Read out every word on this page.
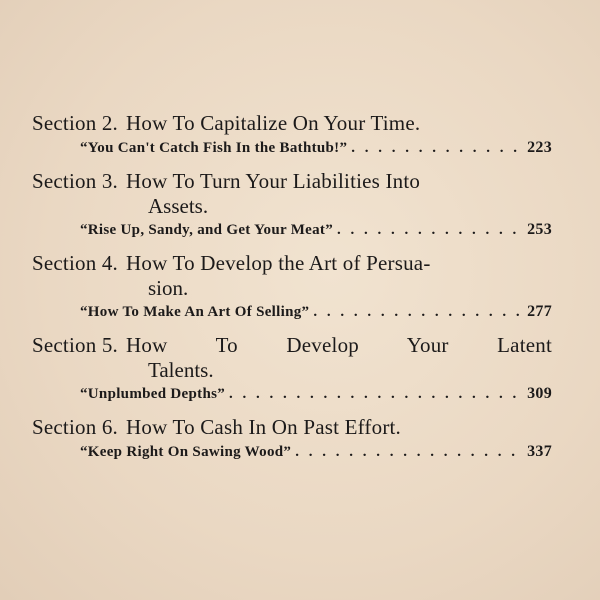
Section 2. How To Capitalize On Your Time.
“You Can't Catch Fish In the Bathtub!” . . .	223
Section 3. How To Turn Your Liabilities Into
Assets.
“Rise Up, Sandy, and Get Your Meat” . . .	253
Section 4. How To Develop the Art of Persua-
sion.
“How To Make An Art Of Selling” . . .	277
Section 5. How To Develop Your Latent
Talents.
“Unplumbed Depths” . . .	309
Section 6. How To Cash In On Past Effort.
“Keep Right On Sawing Wood” . . .	337
